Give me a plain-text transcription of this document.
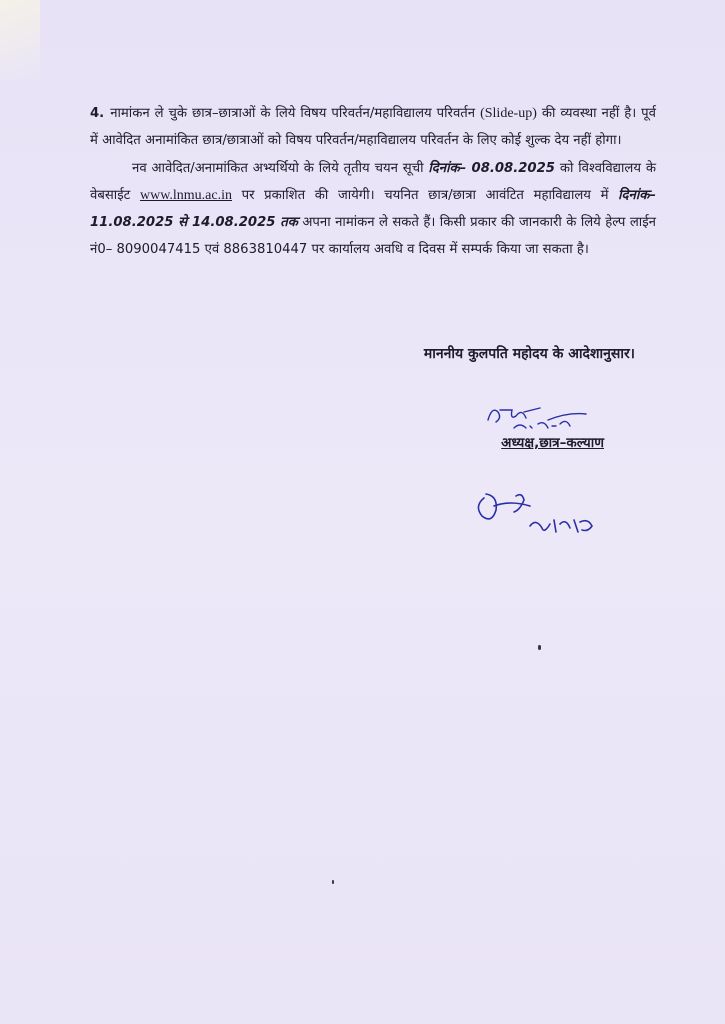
4. नामांकन ले चुके छात्र–छात्राओं के लिये विषय परिवर्तन/महाविद्यालय परिवर्तन (Slide-up) की व्यवस्था नहीं है। पूर्व में आवेदित अनामांकित छात्र/छात्राओं को विषय परिवर्तन/महाविद्यालय परिवर्तन के लिए कोई शुल्क देय नहीं होगा।

नव आवेदित/अनामांकित अभ्यर्थियो के लिये तृतीय चयन सूची दिनांक– 08.08.2025 को विश्वविद्यालय के वेबसाईट www.lnmu.ac.in पर प्रकाशित की जायेगी। चयनित छात्र/छात्रा आवंटित महाविद्यालय में दिनांक– 11.08.2025 से 14.08.2025 तक अपना नामांकन ले सकते हैं। किसी प्रकार की जानकारी के लिये हेल्प लाईन नं0– 8090047415 एवं 8863810447 पर कार्यालय अवधि व दिवस में सम्पर्क किया जा सकता है।

माननीय कुलपति महोदय के आदेशानुसार।
अध्यक्ष,छात्र–कल्याण
